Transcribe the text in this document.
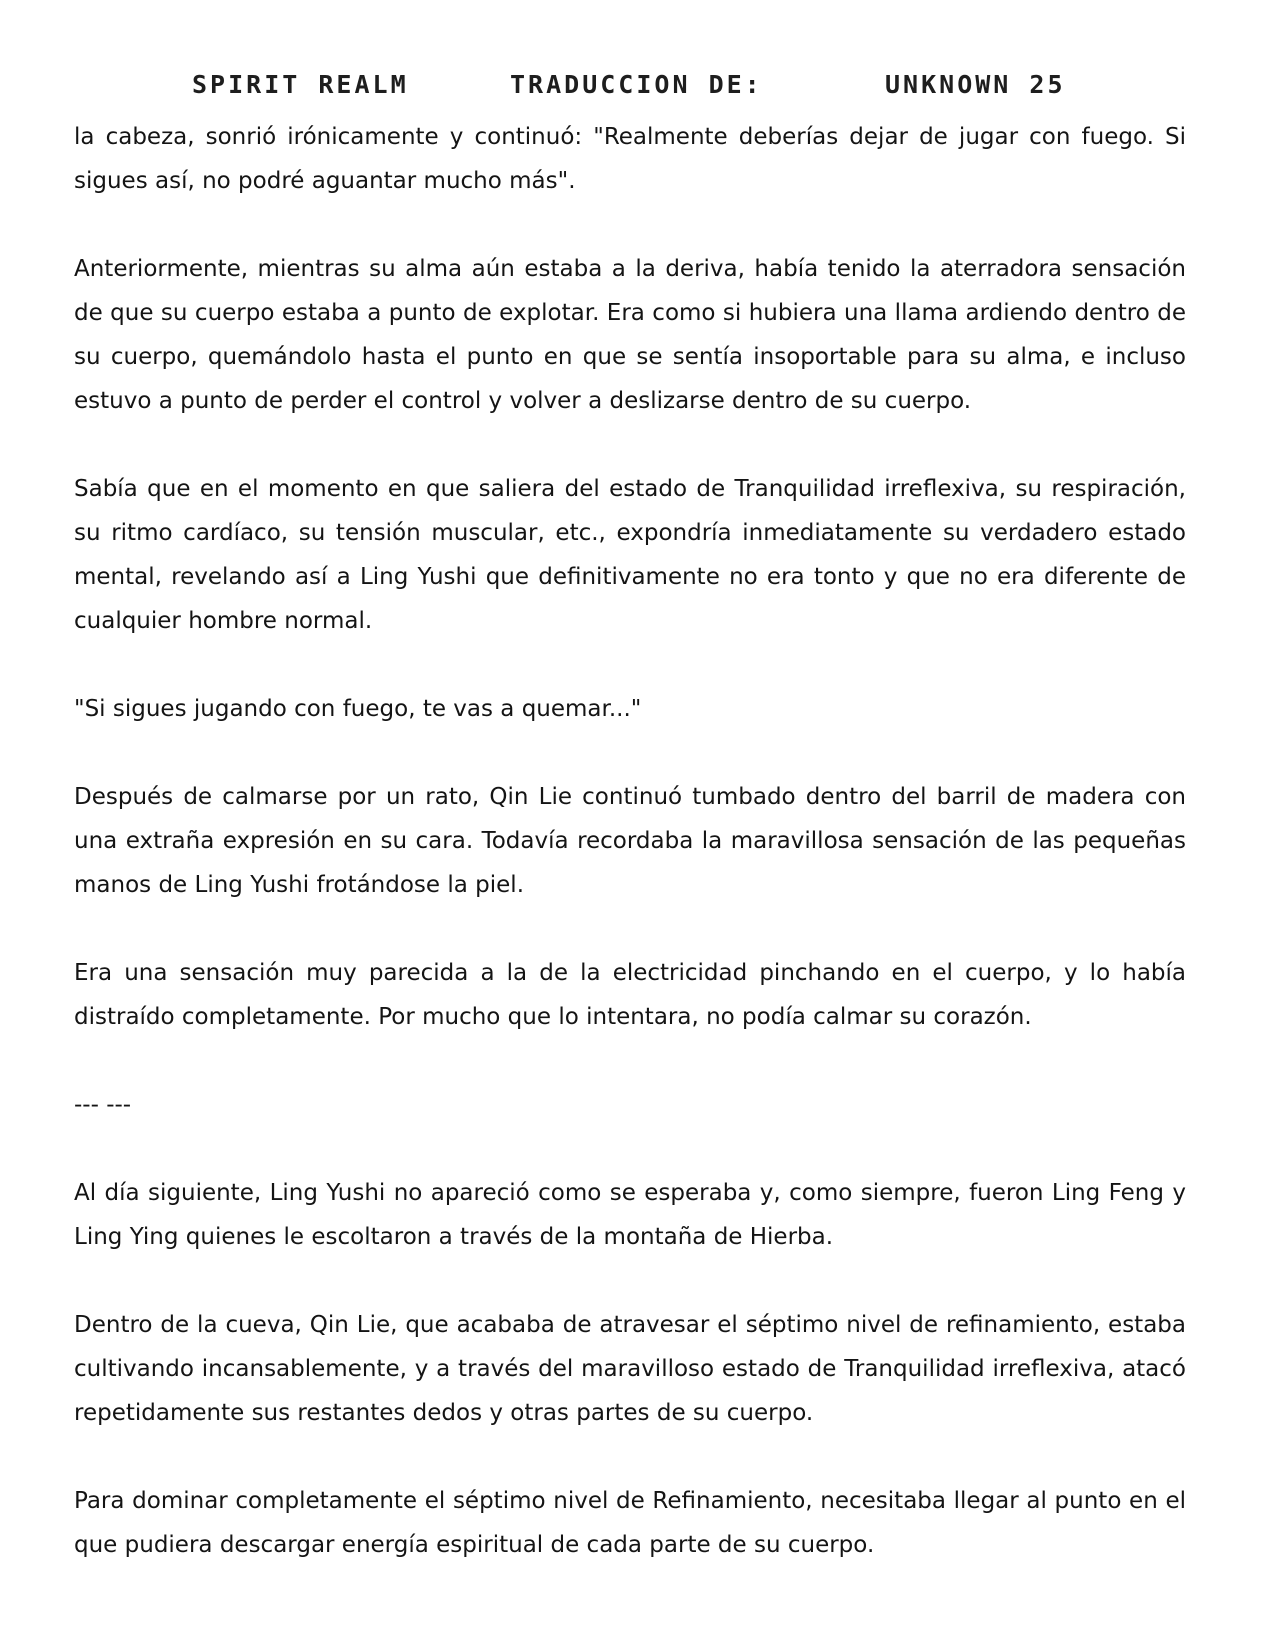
SPIRIT REALM	TRADUCCION DE:	UNKNOWN 25

la cabeza, sonrió irónicamente y continuó: "Realmente deberías dejar de jugar con fuego. Si sigues así, no podré aguantar mucho más".

Anteriormente, mientras su alma aún estaba a la deriva, había tenido la aterradora sensación de que su cuerpo estaba a punto de explotar. Era como si hubiera una llama ardiendo dentro de su cuerpo, quemándolo hasta el punto en que se sentía insoportable para su alma, e incluso estuvo a punto de perder el control y volver a deslizarse dentro de su cuerpo.

Sabía que en el momento en que saliera del estado de Tranquilidad irreflexiva, su respiración, su ritmo cardíaco, su tensión muscular, etc., expondría inmediatamente su verdadero estado mental, revelando así a Ling Yushi que definitivamente no era tonto y que no era diferente de cualquier hombre normal.

"Si sigues jugando con fuego, te vas a quemar..."

Después de calmarse por un rato, Qin Lie continuó tumbado dentro del barril de madera con una extraña expresión en su cara. Todavía recordaba la maravillosa sensación de las pequeñas manos de Ling Yushi frotándose la piel.

Era una sensación muy parecida a la de la electricidad pinchando en el cuerpo, y lo había distraído completamente. Por mucho que lo intentara, no podía calmar su corazón.

--- ---

Al día siguiente, Ling Yushi no apareció como se esperaba y, como siempre, fueron Ling Feng y Ling Ying quienes le escoltaron a través de la montaña de Hierba.

Dentro de la cueva, Qin Lie, que acababa de atravesar el séptimo nivel de refinamiento, estaba cultivando incansablemente, y a través del maravilloso estado de Tranquilidad irreflexiva, atacó repetidamente sus restantes dedos y otras partes de su cuerpo.

Para dominar completamente el séptimo nivel de Refinamiento, necesitaba llegar al punto en el que pudiera descargar energía espiritual de cada parte de su cuerpo.
